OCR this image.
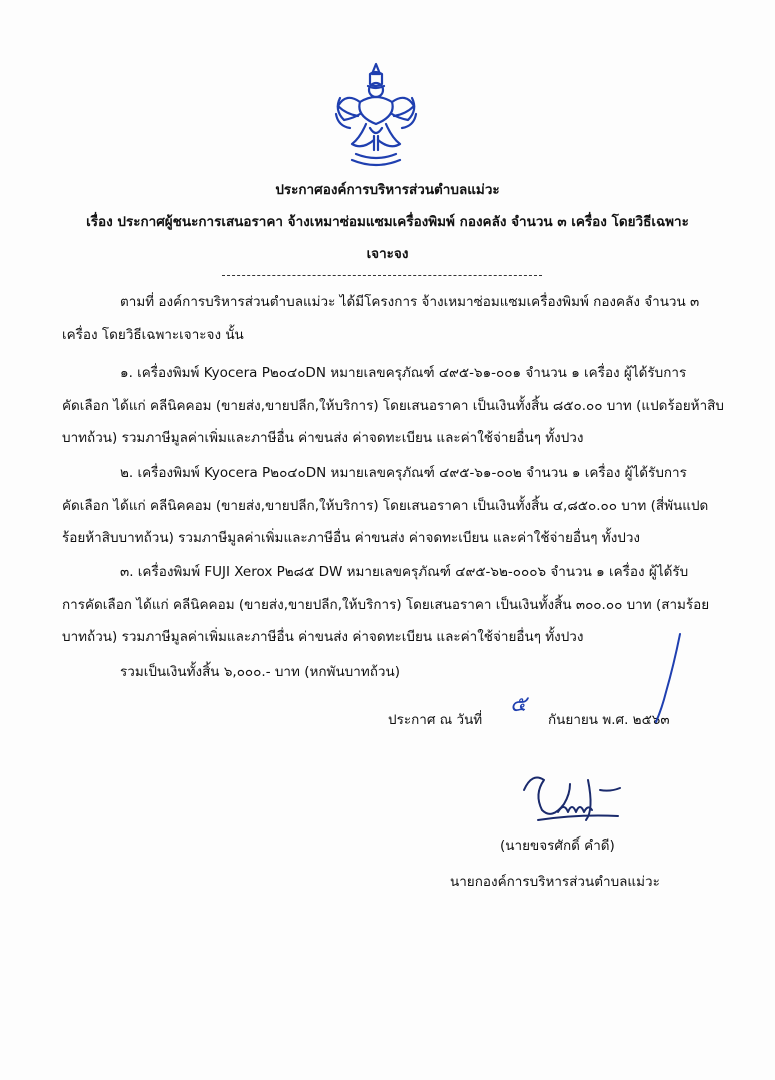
ประกาศองค์การบริหารส่วนตำบลแม่วะ
เรื่อง ประกาศผู้ชนะการเสนอราคา จ้างเหมาซ่อมแซมเครื่องพิมพ์ กองคลัง จำนวน ๓ เครื่อง โดยวิธีเฉพาะ
เจาะจง
ตามที่ องค์การบริหารส่วนตำบลแม่วะ ได้มีโครงการ จ้างเหมาซ่อมแซมเครื่องพิมพ์ กองคลัง จำนวน ๓
เครื่อง โดยวิธีเฉพาะเจาะจง นั้น
๑. เครื่องพิมพ์ Kyocera P๒๐๔๐DN หมายเลขครุภัณฑ์ ๔๙๕-๖๑-๐๐๑ จำนวน ๑ เครื่อง ผู้ได้รับการ
คัดเลือก ได้แก่ คลีนิคคอม (ขายส่ง,ขายปลีก,ให้บริการ) โดยเสนอราคา เป็นเงินทั้งสิ้น ๘๕๐.๐๐ บาท (แปดร้อยห้าสิบ
บาทถ้วน) รวมภาษีมูลค่าเพิ่มและภาษีอื่น ค่าขนส่ง ค่าจดทะเบียน และค่าใช้จ่ายอื่นๆ ทั้งปวง
๒. เครื่องพิมพ์ Kyocera P๒๐๔๐DN หมายเลขครุภัณฑ์ ๔๙๕-๖๑-๐๐๒ จำนวน ๑ เครื่อง ผู้ได้รับการ
คัดเลือก ได้แก่ คลีนิคคอม (ขายส่ง,ขายปลีก,ให้บริการ) โดยเสนอราคา เป็นเงินทั้งสิ้น ๔,๘๕๐.๐๐ บาท (สี่พันแปด
ร้อยห้าสิบบาทถ้วน) รวมภาษีมูลค่าเพิ่มและภาษีอื่น ค่าขนส่ง ค่าจดทะเบียน และค่าใช้จ่ายอื่นๆ ทั้งปวง
๓. เครื่องพิมพ์ FUJI Xerox P๒๘๕ DW หมายเลขครุภัณฑ์ ๔๙๕-๖๒-๐๐๐๖ จำนวน ๑ เครื่อง ผู้ได้รับ
การคัดเลือก ได้แก่ คลีนิคคอม (ขายส่ง,ขายปลีก,ให้บริการ) โดยเสนอราคา เป็นเงินทั้งสิ้น ๓๐๐.๐๐ บาท (สามร้อย
บาทถ้วน) รวมภาษีมูลค่าเพิ่มและภาษีอื่น ค่าขนส่ง ค่าจดทะเบียน และค่าใช้จ่ายอื่นๆ ทั้งปวง
รวมเป็นเงินทั้งสิ้น ๖,๐๐๐.- บาท (หกพันบาทถ้วน)
ประกาศ ณ วันที่
๕
กันยายน พ.ศ. ๒๕๖๓
(นายขจรศักดิ์ คำดี)
นายกองค์การบริหารส่วนตำบลแม่วะ
